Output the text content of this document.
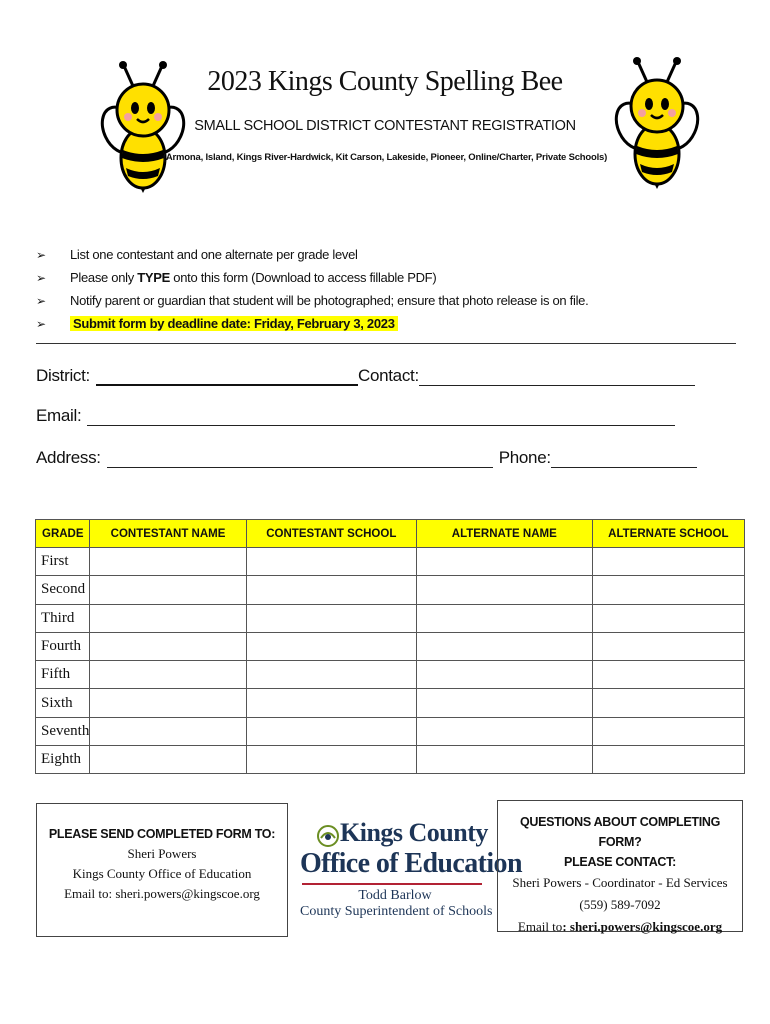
2023 Kings County Spelling Bee
SMALL SCHOOL DISTRICT CONTESTANT REGISTRATION
(Armona, Island, Kings River-Hardwick, Kit Carson, Lakeside, Pioneer, Online/Charter, Private Schools)
➢	List one contestant and one alternate per grade level
➢	Please only TYPE onto this form (Download to access fillable PDF)
➢	Notify parent or guardian that student will be photographed; ensure that photo release is on file.
➢	Submit form by deadline date: Friday, February 3, 2023
District:	Contact:
Email:
Address:	Phone:
GRADE	CONTESTANT NAME	CONTESTANT SCHOOL	ALTERNATE NAME	ALTERNATE SCHOOL
First				
Second				
Third				
Fourth				
Fifth				
Sixth				
Seventh				
Eighth				
PLEASE SEND COMPLETED FORM TO:
Sheri Powers
Kings County Office of Education
Email to: sheri.powers@kingscoe.org
Kings County
Office of Education
Todd Barlow
County Superintendent of Schools
QUESTIONS ABOUT COMPLETING FORM?
PLEASE CONTACT:
Sheri Powers - Coordinator - Ed Services
(559) 589-7092
Email to: sheri.powers@kingscoe.org
